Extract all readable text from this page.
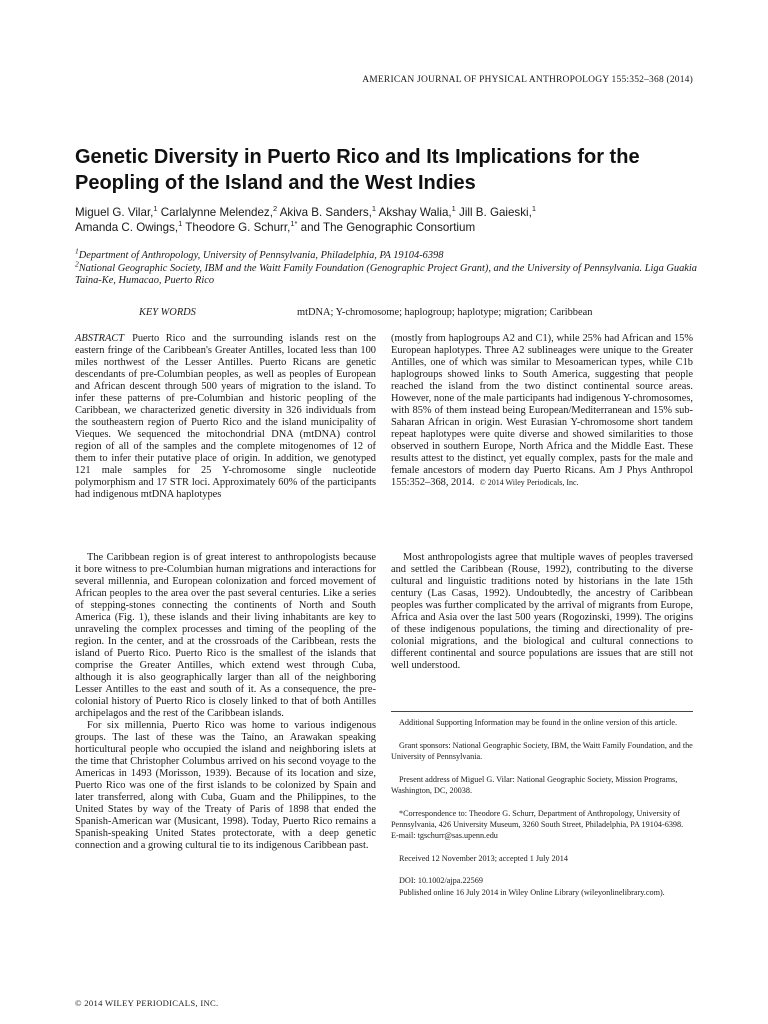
AMERICAN JOURNAL OF PHYSICAL ANTHROPOLOGY 155:352–368 (2014)
Genetic Diversity in Puerto Rico and Its Implications for the Peopling of the Island and the West Indies
Miguel G. Vilar,$^1$ Carlalynne Melendez,$^2$ Akiva B. Sanders,$^1$ Akshay Walia,$^1$ Jill B. Gaieski,$^1$
Amanda C. Owings,$^1$ Theodore G. Schurr,$^{1*}$ and The Genographic Consortium

$^1$Department of Anthropology, University of Pennsylvania, Philadelphia, PA 19104-6398

$^2$National Geographic Society, IBM and the Waitt Family Foundation (Genographic Project Grant), and the University of Pennsylvania. Liga Guakia Taina-Ke, Humacao, Puerto Rico

KEY WORDS	mtDNA; Y-chromosome; haplogroup; haplotype; migration; Caribbean

ABSTRACT Puerto Rico and the surrounding islands rest on the eastern fringe of the Caribbean's Greater Antilles, located less than 100 miles northwest of the Lesser Antilles. Puerto Ricans are genetic descendants of pre-Columbian peoples, as well as peoples of European and African descent through 500 years of migration to the island. To infer these patterns of pre-Columbian and historic peopling of the Caribbean, we characterized genetic diversity in 326 individuals from the southeastern region of Puerto Rico and the island municipality of Vieques. We sequenced the mitochondrial DNA (mtDNA) control region of all of the samples and the complete mitogenomes of 12 of them to infer their putative place of origin. In addition, we genotyped 121 male samples for 25 Y-chromosome single nucleotide polymorphism and 17 STR loci. Approximately 60% of the participants had indigenous mtDNA haplotypes

(mostly from haplogroups A2 and C1), while 25% had African and 15% European haplotypes. Three A2 sublineages were unique to the Greater Antilles, one of which was similar to Mesoamerican types, while C1b haplogroups showed links to South America, suggesting that people reached the island from the two distinct continental source areas. However, none of the male participants had indigenous Y-chromosomes, with 85% of them instead being European/Mediterranean and 15% sub-Saharan African in origin. West Eurasian Y-chromosome short tandem repeat haplotypes were quite diverse and showed similarities to those observed in southern Europe, North Africa and the Middle East. These results attest to the distinct, yet equally complex, pasts for the male and female ancestors of modern day Puerto Ricans. Am J Phys Anthropol 155:352–368, 2014. © 2014 Wiley Periodicals, Inc.

The Caribbean region is of great interest to anthropologists because it bore witness to pre-Columbian human migrations and interactions for several millennia, and European colonization and forced movement of African peoples to the area over the past several centuries. Like a series of stepping-stones connecting the continents of North and South America (Fig. 1), these islands and their living inhabitants are key to unraveling the complex processes and timing of the peopling of the region. In the center, and at the crossroads of the Caribbean, rests the island of Puerto Rico. Puerto Rico is the smallest of the islands that comprise the Greater Antilles, which extend west through Cuba, although it is also geographically larger than all of the neighboring Lesser Antilles to the east and south of it. As a consequence, the pre-colonial history of Puerto Rico is closely linked to that of both Antilles archipelagos and the rest of the Caribbean islands.

For six millennia, Puerto Rico was home to various indigenous groups. The last of these was the Taíno, an Arawakan speaking horticultural people who occupied the island and neighboring islets at the time that Christopher Columbus arrived on his second voyage to the Americas in 1493 (Morisson, 1939). Because of its location and size, Puerto Rico was one of the first islands to be colonized by Spain and later transferred, along with Cuba, Guam and the Philippines, to the United States by way of the Treaty of Paris of 1898 that ended the Spanish-American war (Musicant, 1998). Today, Puerto Rico remains a Spanish-speaking United States protectorate, with a deep genetic connection and a growing cultural tie to its indigenous Caribbean past.

Most anthropologists agree that multiple waves of peoples traversed and settled the Caribbean (Rouse, 1992), contributing to the diverse cultural and linguistic traditions noted by historians in the late 15th century (Las Casas, 1992). Undoubtedly, the ancestry of Caribbean peoples was further complicated by the arrival of migrants from Europe, Africa and Asia over the last 500 years (Rogozinski, 1999). The origins of these indigenous populations, the timing and directionality of pre-colonial migrations, and the biological and cultural connections to different continental and source populations are issues that are still not well understood.

Additional Supporting Information may be found in the online version of this article.

Grant sponsors: National Geographic Society, IBM, the Waitt Family Foundation, and the University of Pennsylvania.

Present address of Miguel G. Vilar: National Geographic Society, Mission Programs, Washington, DC, 20038.

*Correspondence to: Theodore G. Schurr, Department of Anthropology, University of Pennsylvania, 426 University Museum, 3260 South Street, Philadelphia, PA 19104-6398.

E-mail: tgschurr@sas.upenn.edu

Received 12 November 2013; accepted 1 July 2014

DOI: 10.1002/ajpa.22569

Published online 16 July 2014 in Wiley Online Library (wileyonlinelibrary.com).

© 2014 WILEY PERIODICALS, INC.
